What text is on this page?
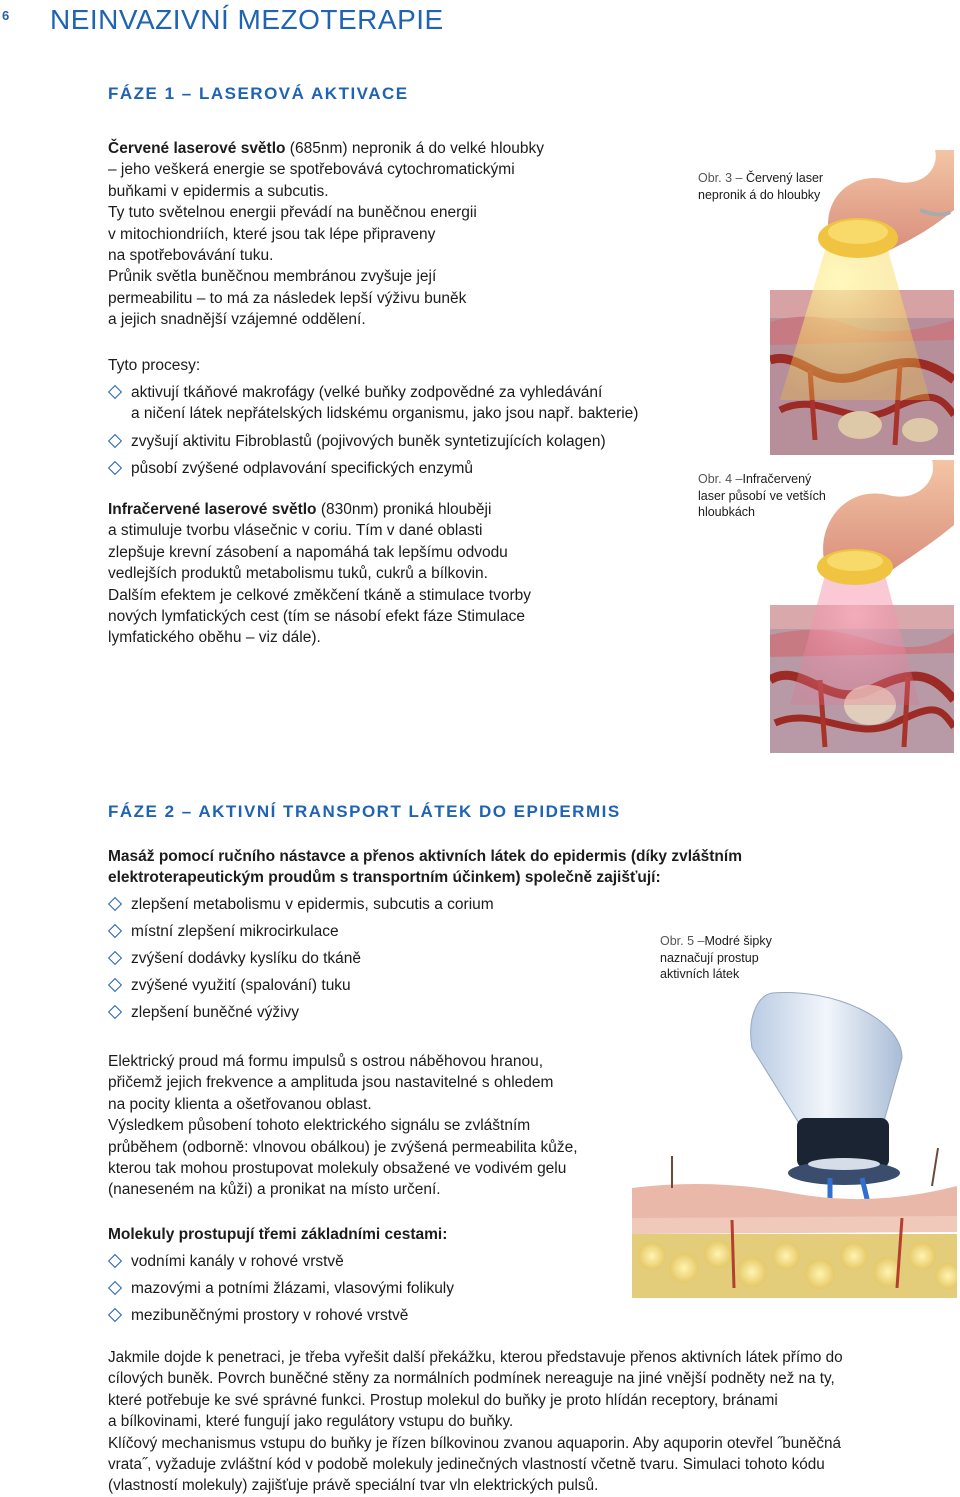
6 NEINVAZIVNÍ MEZOTERAPIE
FÁZE 1 – LASEROVÁ AKTIVACE

Červené laserové světlo (685nm) nepronik á do velké hloubky

– jeho veškerá energie se spotřebovává cytochromatickými

buňkami v epidermis a subcutis.

Ty tuto světelnou energii převádí na buněčnou energii

v mitochiondriích, které jsou tak lépe připraveny

na spotřebovávání tuku.

Průnik světla buněčnou membránou zvyšuje její

permeabilitu – to má za následek lepší výživu buněk

a jejich snadnější vzájemné oddělení.

Tyto procesy:
aktivují tkáňové makrofágy (velké buňky zodpovědné za vyhledávání
a ničení látek nepřátelských lidskému organismu, jako jsou např. bakterie)
zvyšují aktivitu Fibroblastů (pojivových buněk syntetizujících kolagen)
působí zvýšené odplavování specifických enzymů

Infračervené laserové světlo (830nm) proniká hlouběji

a stimuluje tvorbu vlásečnic v coriu. Tím v dané oblasti

zlepšuje krevní zásobení a napomáhá tak lepšímu odvodu

vedlejších produktů metabolismu tuků, cukrů a bílkovin.

Dalším efektem je celkové změkčení tkáně a stimulace tvorby

nových lymfatických cest (tím se násobí efekt fáze Stimulace

lymfatického oběhu – viz dále).

Obr. 3 – Červený laser
nepronik á do hloubky
Obr. 4 –Infračervený
laser působí ve vetších
hloubkách
FÁZE 2 – AKTIVNÍ TRANSPORT LÁTEK DO EPIDERMIS

Masáž pomocí ručního nástavce a přenos aktivních látek do epidermis (díky zvláštním

elektroterapeutickým proudům s transportním účinkem) společně zajišťují:

zlepšení metabolismu v epidermis, subcutis a corium
místní zlepšení mikrocirkulace
zvýšení dodávky kyslíku do tkáně
zvýšené využití (spalování) tuku
zlepšení buněčné výživy
Obr. 5 –Modré šipky
naznačují prostup
aktivních látek

Elektrický proud má formu impulsů s ostrou náběhovou hranou,

přičemž jejich frekvence a amplituda jsou nastavitelné s ohledem

na pocity klienta a ošetřovanou oblast.

Výsledkem působení tohoto elektrického signálu se zvláštním

průběhem (odborně: vlnovou obálkou) je zvýšená permeabilita kůže,

kterou tak mohou prostupovat molekuly obsažené ve vodivém gelu

(naneseném na kůži) a pronikat na místo určení.

Molekuly prostupují třemi základními cestami:
vodními kanály v rohové vrstvě
mazovými a potními žlázami, vlasovými folikuly
mezibuněčnými prostory v rohové vrstvě

Jakmile dojde k penetraci, je třeba vyřešit další překážku, kterou představuje přenos aktivních látek přímo do

cílových buněk. Povrch buněčné stěny za normálních podmínek nereaguje na jiné vnější podněty než na ty,

které potřebuje ke své správné funkci. Prostup molekul do buňky je proto hlídán receptory, bránami

a bílkovinami, které fungují jako regulátory vstupu do buňky.

Klíčový mechanismus vstupu do buňky je řízen bílkovinou zvanou aquaporin. Aby aquporin otevřel ˝buněčná

vrata˝, vyžaduje zvláštní kód v podobě molekuly jedinečných vlastností včetně tvaru. Simulaci tohoto kódu

(vlastností molekuly) zajišťuje právě speciální tvar vln elektrických pulsů.
